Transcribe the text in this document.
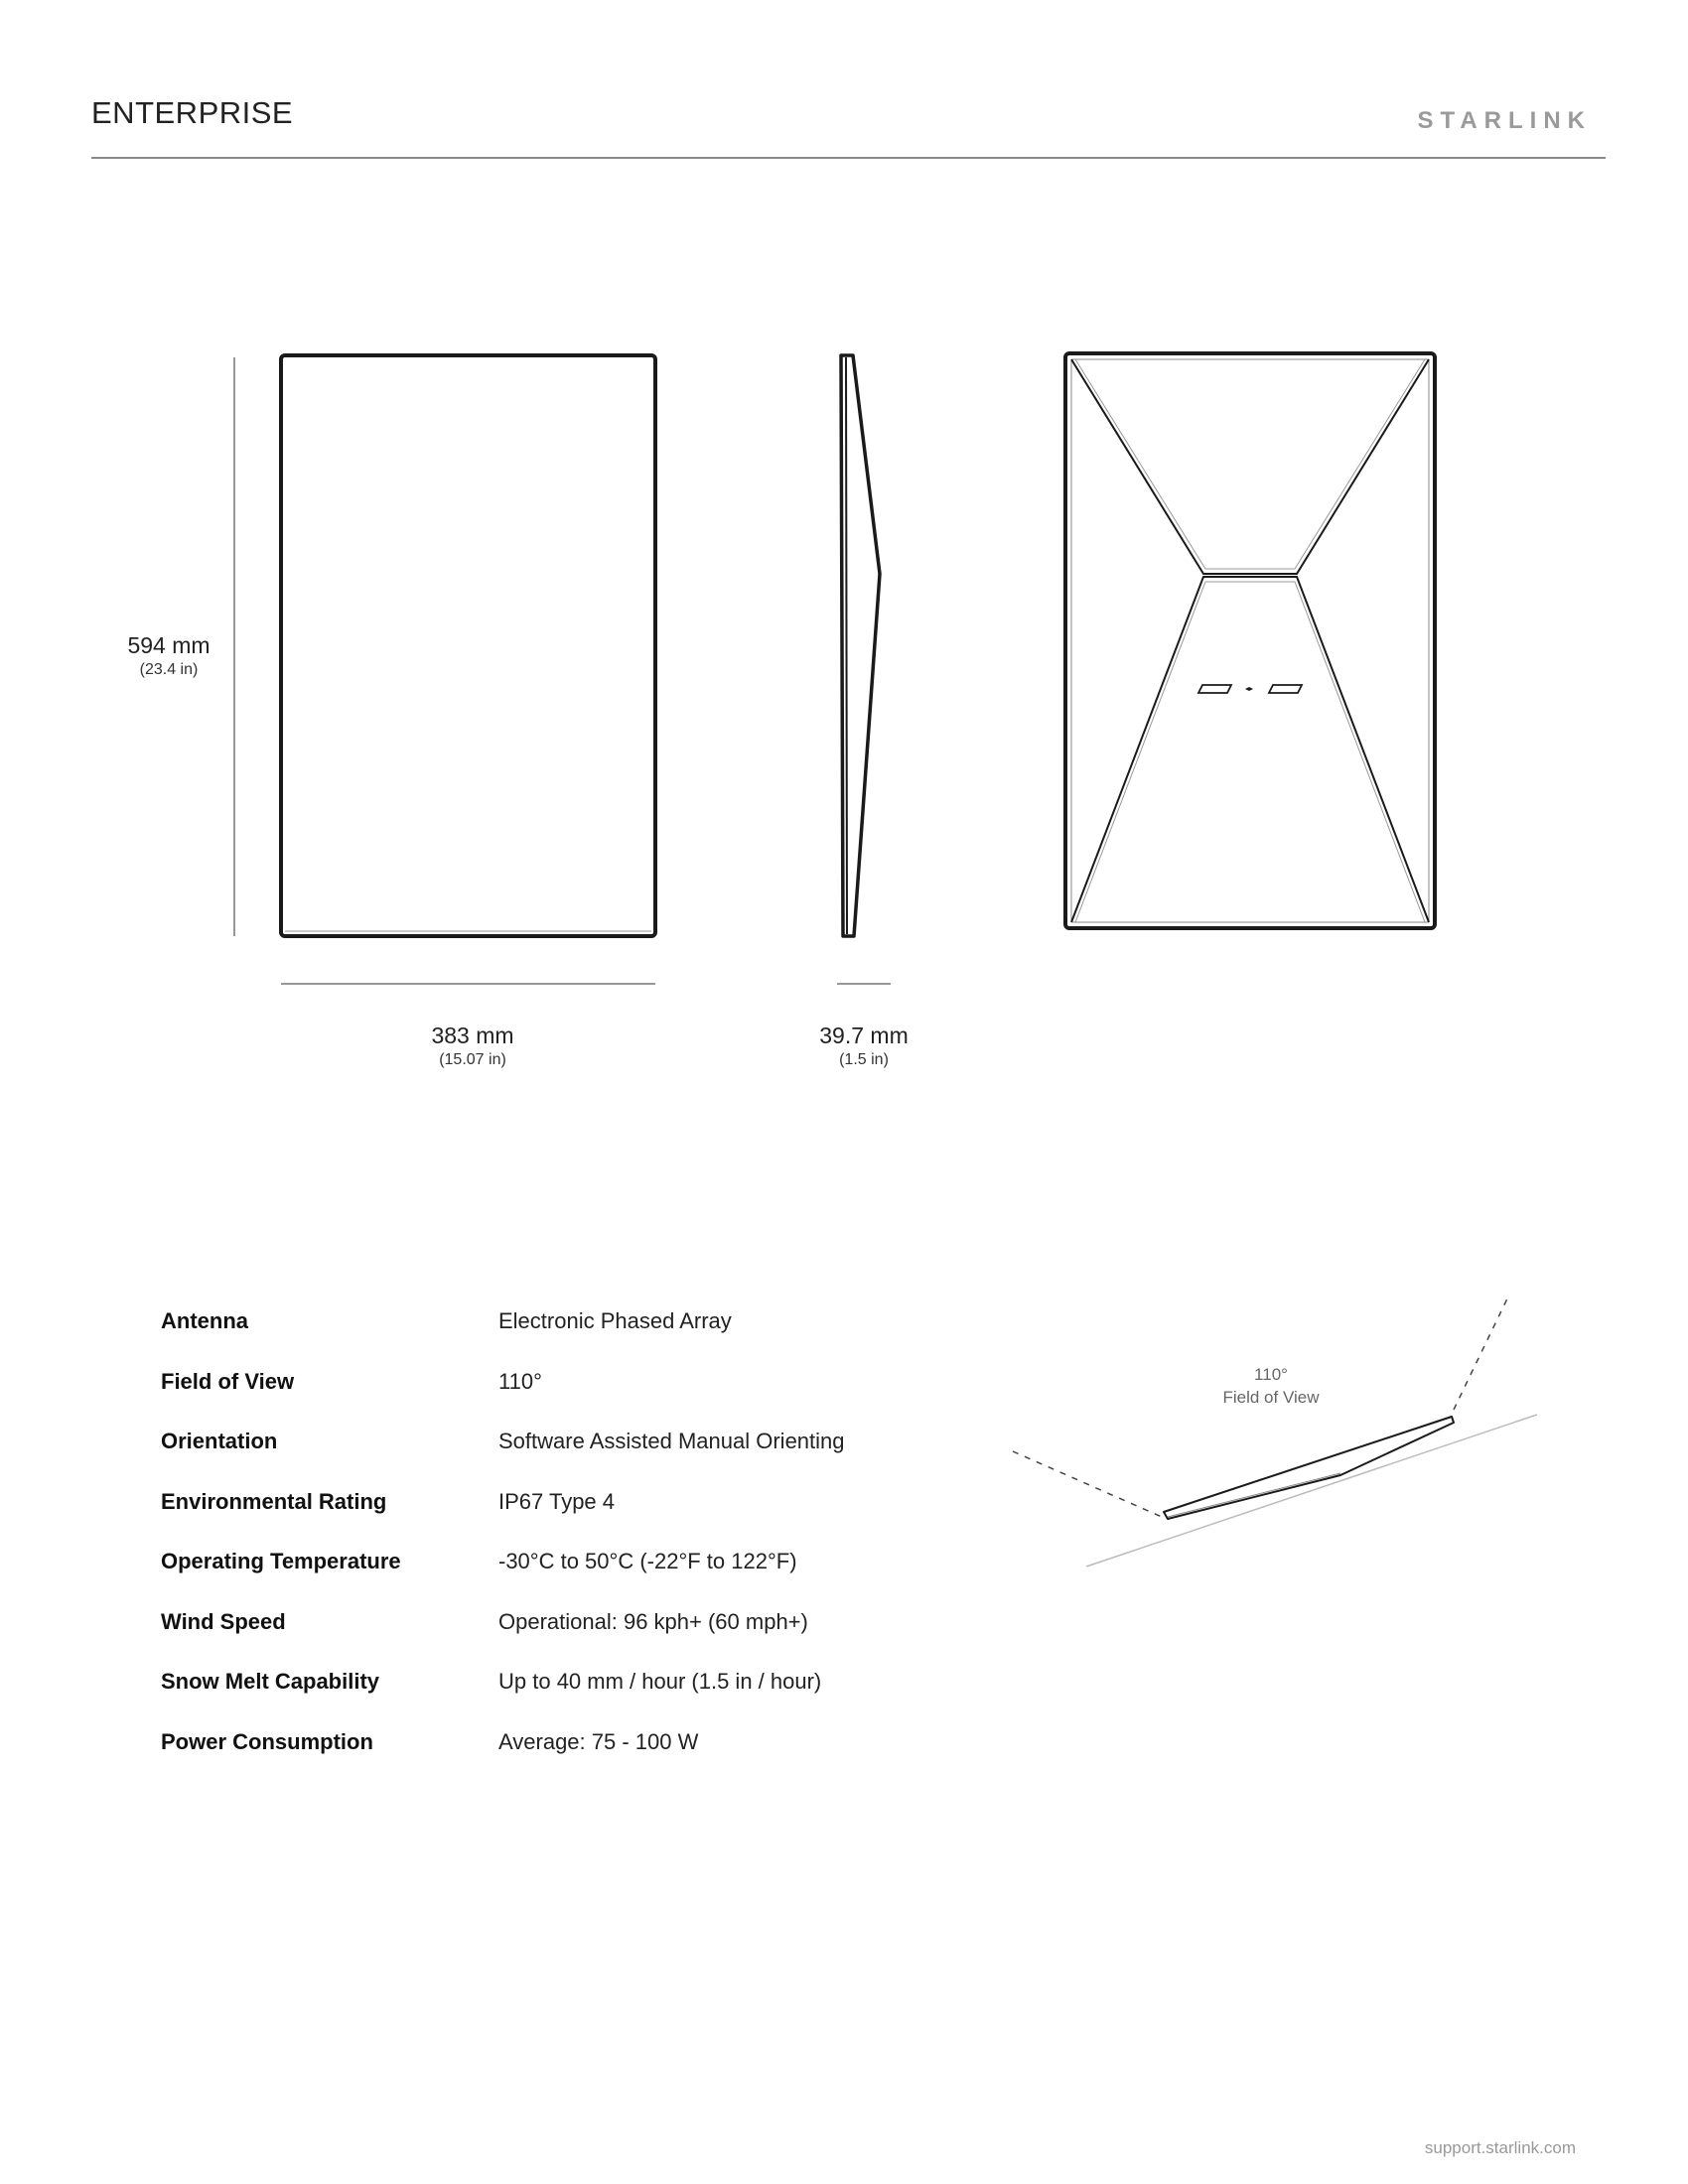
ENTERPRISE	STARLINK
594 mm
(23.4 in)
383 mm
(15.07 in)
39.7 mm
(1.5 in)
Antenna	Electronic Phased Array
Field of View	110°
Orientation	Software Assisted Manual Orienting
Environmental Rating	IP67 Type 4
Operating Temperature	-30°C to 50°C (-22°F to 122°F)
Wind Speed	Operational: 96 kph+ (60 mph+)
Snow Melt Capability	Up to 40 mm / hour (1.5 in / hour)
Power Consumption	Average: 75 - 100 W
110°
Field of View
support.starlink.com
